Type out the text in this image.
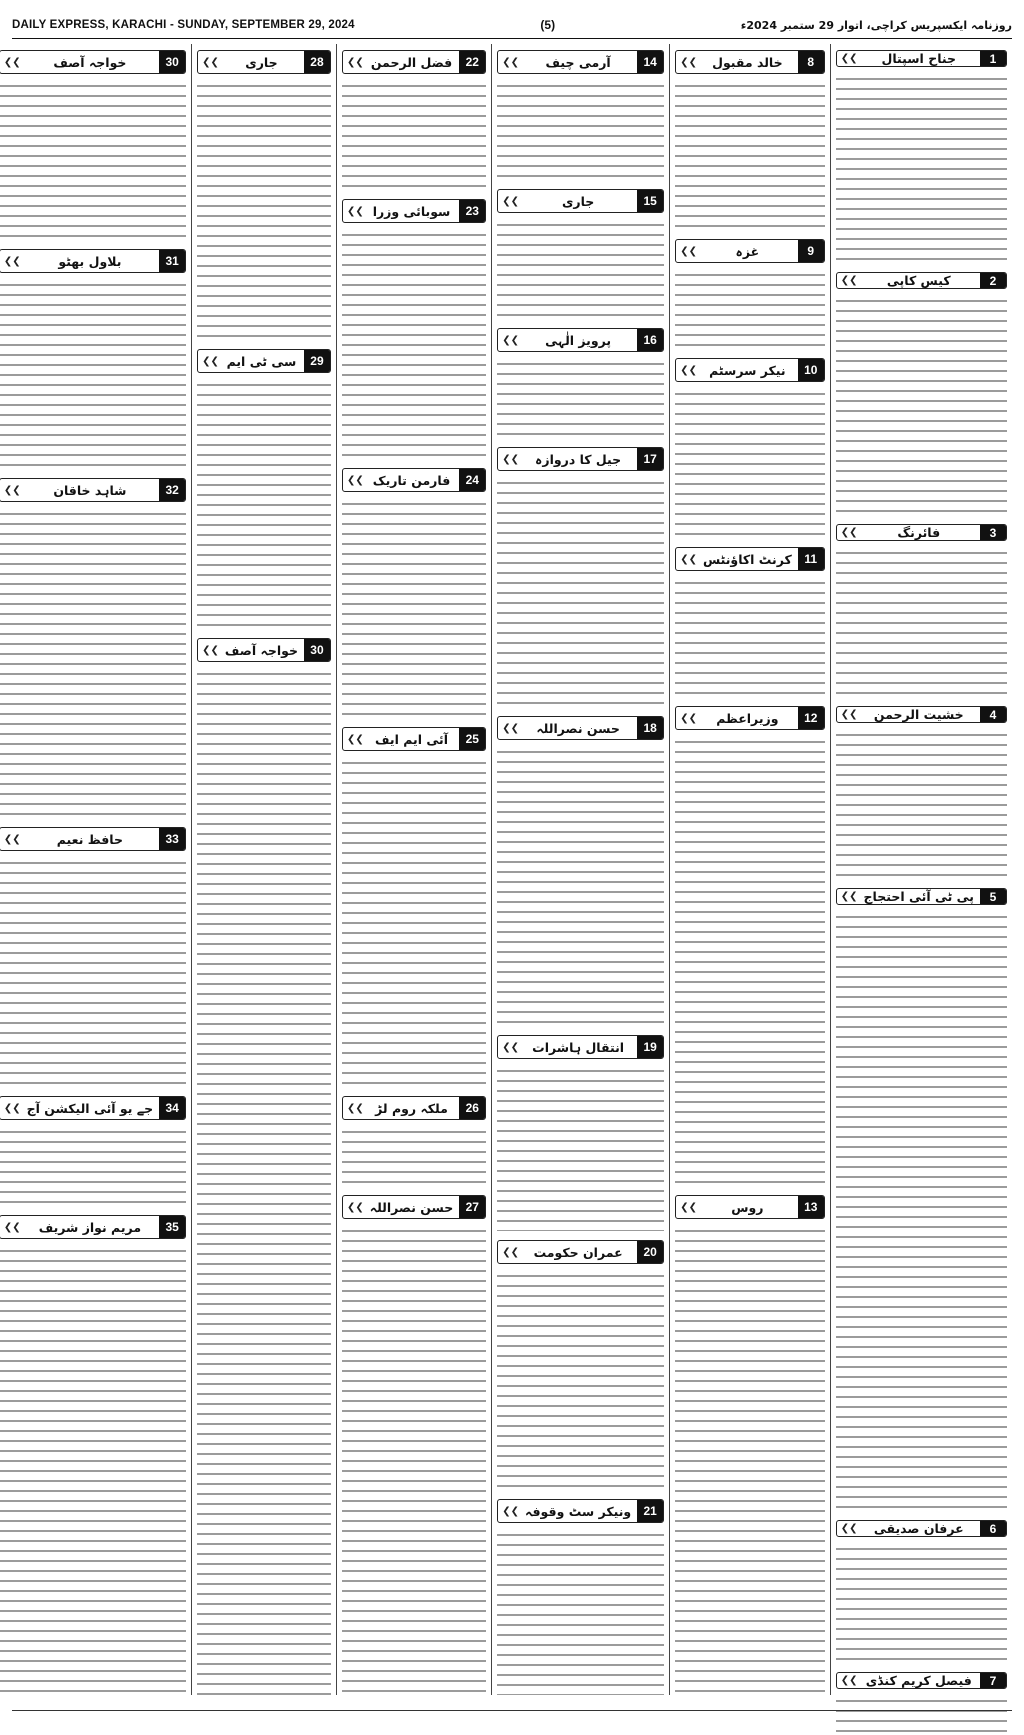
DAILY EXPRESS, KARACHI - SUNDAY, SEPTEMBER 29, 2024	(5)	روزنامہ ایکسپریس کراچی، اتوار 29 ستمبر 2024ء
1
جناح اسپتال
❮❮
2
کیس کاپی
❮❮
3
فائرنگ
❮❮
4
خشیت الرحمن
❮❮
5
پی ٹی آئی احتجاج
❮❮
6
عرفان صدیقی
❮❮
7
فیصل کریم کنڈی
❮❮
8
خالد مقبول
❮❮
9
غزہ
❮❮
10
نیکر سرسٹم
❮❮
11
کرنٹ اکاؤنٹس
❮❮
12
وزیراعظم
❮❮
13
روس
❮❮
14
آرمی چیف
❮❮
15
جاری
❮❮
16
پرویز الٰہی
❮❮
17
جیل کا دروازہ
❮❮
18
حسن نصراللہ
❮❮
19
انتقال ہاشرات
❮❮
20
عمران حکومت
❮❮
21
ونیکر سٹ وقوفہ
❮❮
22
فضل الرحمن
❮❮
23
سوبائی وزرا
❮❮
24
فارمن تاریک
❮❮
25
آئی ایم ایف
❮❮
26
ملکہ روم لڑ
❮❮
27
حسن نصراللہ
❮❮
28
جاری
❮❮
29
سی ٹی ایم
❮❮
30
خواجہ آصف
❮❮
30
خواجہ آصف
❮❮
31
بلاول بھٹو
❮❮
32
شاہد خاقان
❮❮
33
حافظ نعیم
❮❮
34
جے یو آئی الیکشن آج
❮❮
35
مریم نواز شریف
❮❮
